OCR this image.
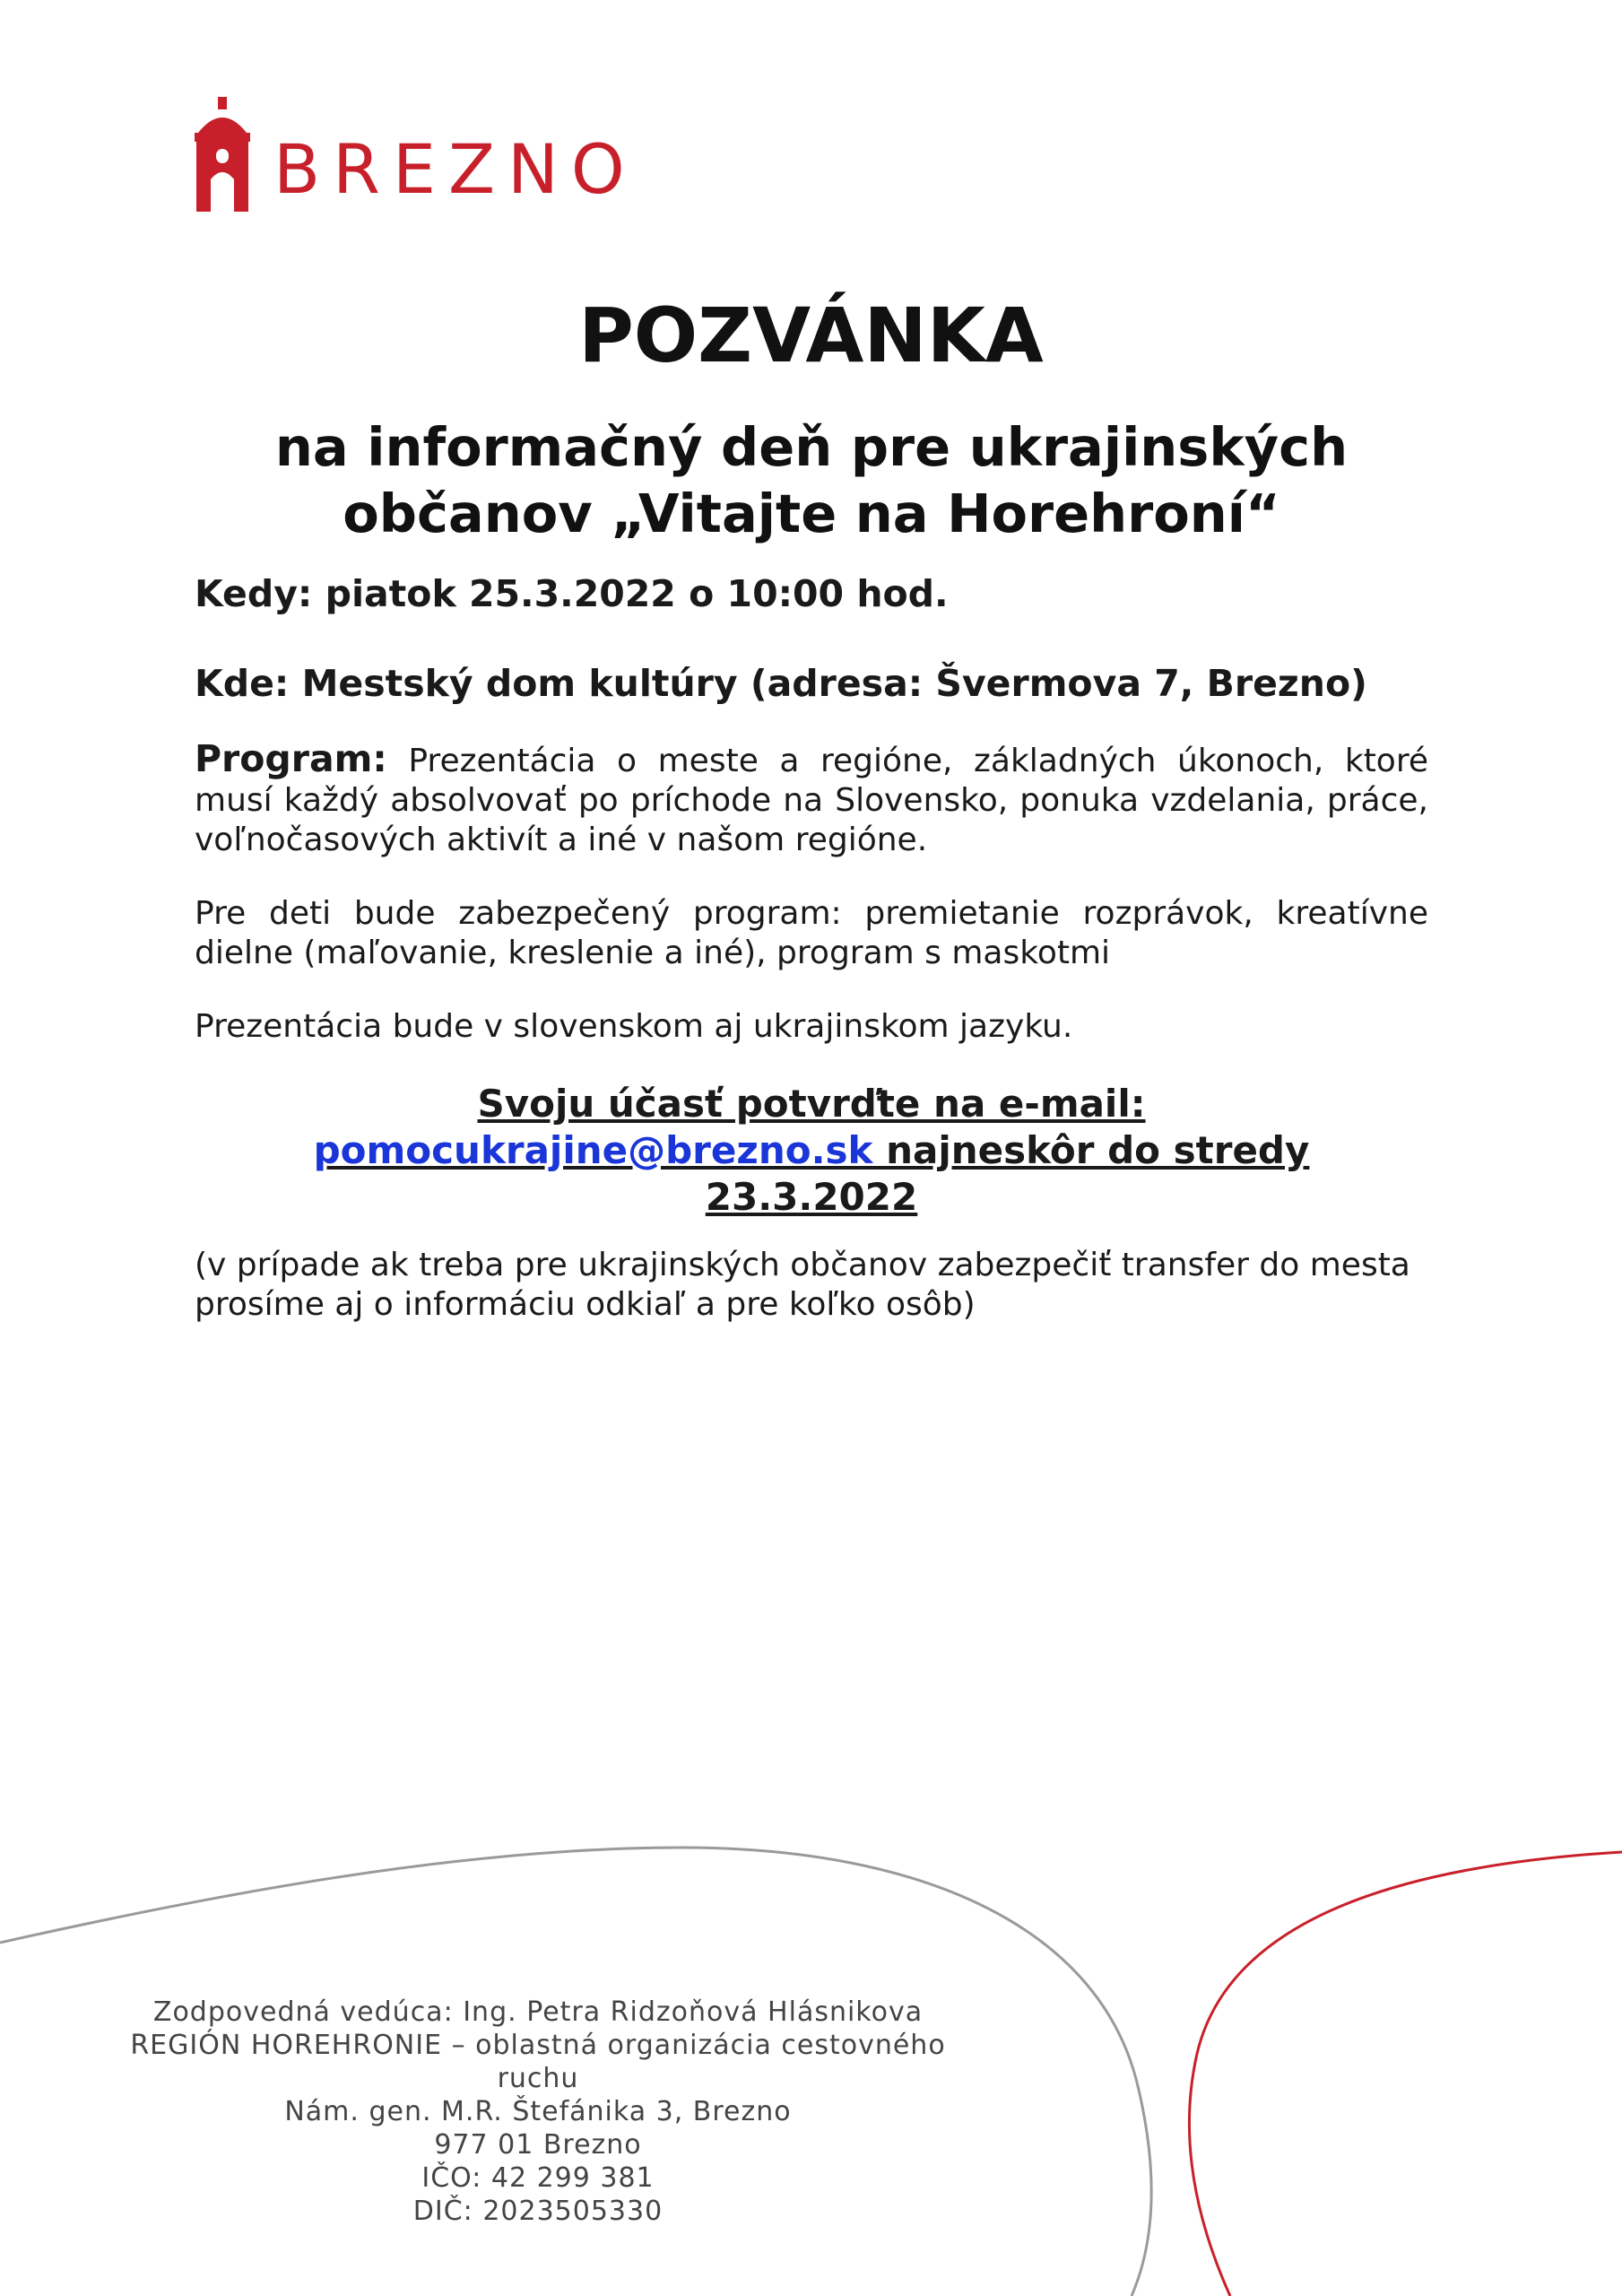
BREZNO
POZVÁNKA
na informačný deň pre ukrajinských
občanov „Vitajte na Horehroní“

Kedy: piatok 25.3.2022 o 10:00 hod.

Kde: Mestský dom kultúry (adresa: Švermova 7, Brezno)

Program: Prezentácia o meste a regióne, základných úkonoch, ktoré musí každý absolvovať po príchode na Slovensko, ponuka vzdelania, práce, voľnočasových aktivít a iné v našom regióne.

Pre deti bude zabezpečený program: premietanie rozprávok, kreatívne dielne (maľovanie, kreslenie a iné), program s maskotmi

Prezentácia bude v slovenskom aj ukrajinskom jazyku.

Svoju účasť potvrďte na e-mail:
pomocukrajine@brezno.sk najneskôr do stredy
23.3.2022

(v prípade ak treba pre ukrajinských občanov zabezpečiť transfer do mesta prosíme aj o informáciu odkiaľ a pre koľko osôb)

Zodpovedná vedúca: Ing. Petra Ridzoňová Hlásnikova
REGIÓN HOREHRONIE – oblastná organizácia cestovného ruchu
Nám. gen. M.R. Štefánika 3, Brezno
977 01 Brezno
IČO: 42 299 381
DIČ: 2023505330
